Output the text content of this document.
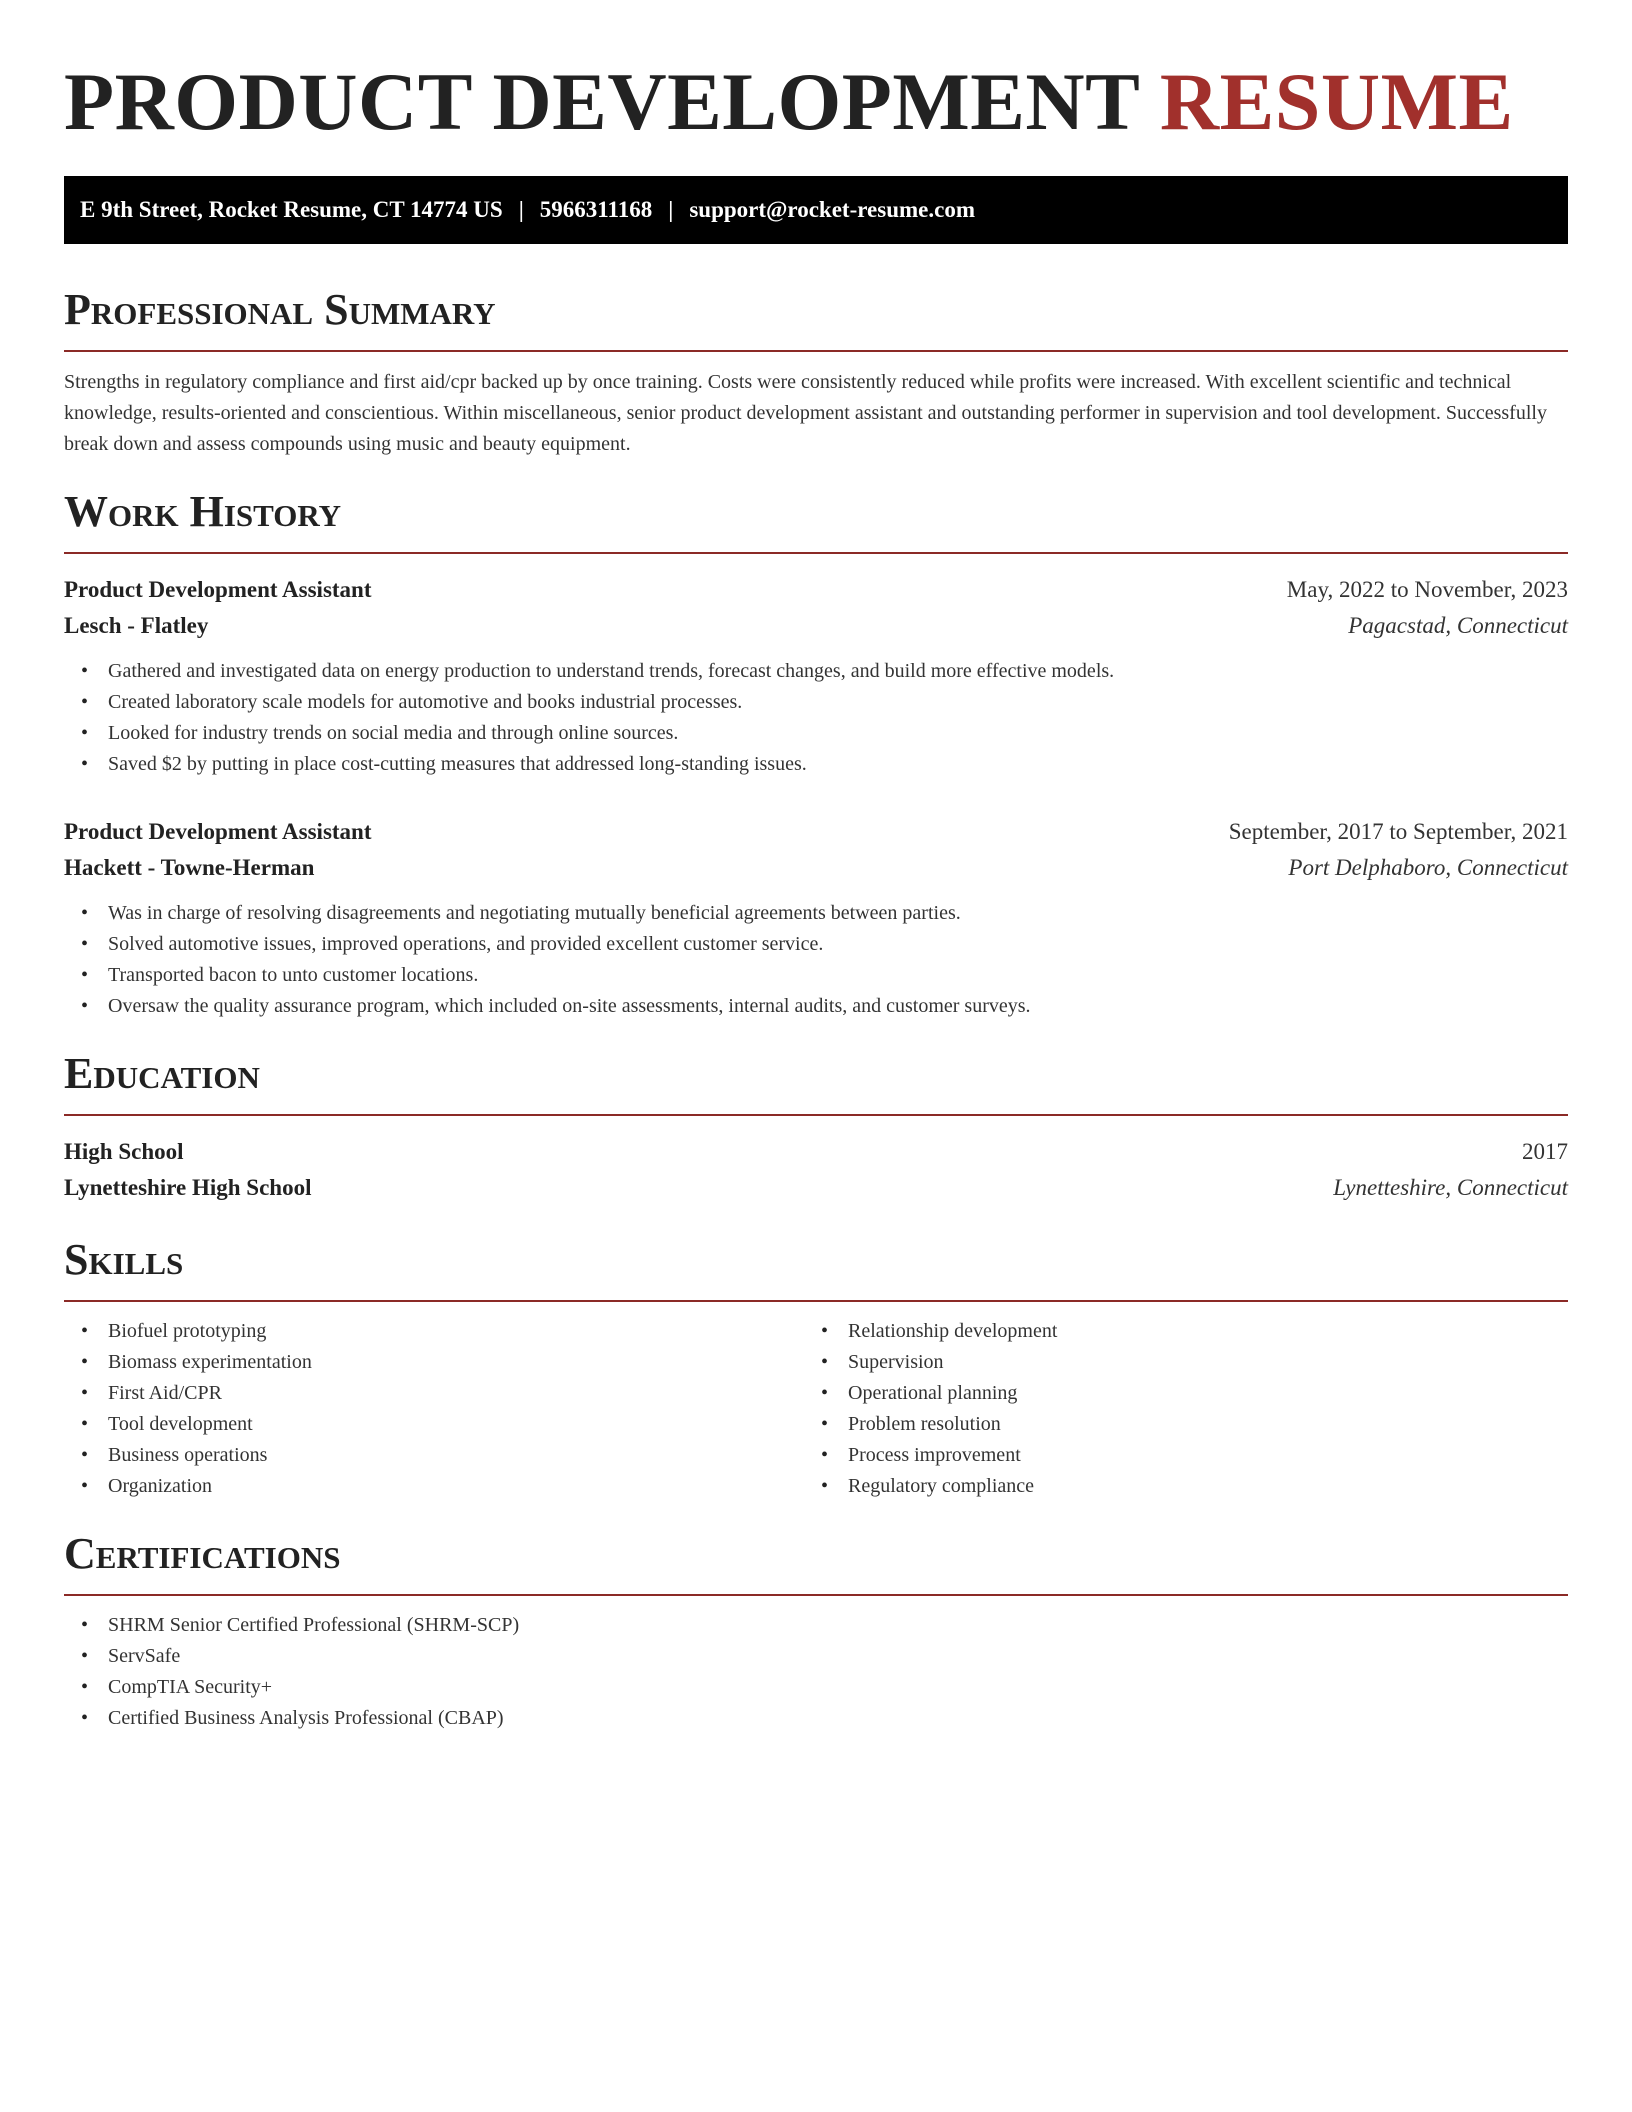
PRODUCT DEVELOPMENT RESUME
E 9th Street, Rocket Resume, CT 14774 US | 5966311168 | support@rocket-resume.com
Professional Summary

Strengths in regulatory compliance and first aid/cpr backed up by once training. Costs were consistently reduced while profits were increased. With excellent scientific and technical knowledge, results-oriented and conscientious. Within miscellaneous, senior product development assistant and outstanding performer in supervision and tool development. Successfully break down and assess compounds using music and beauty equipment.

Work History
Product Development Assistant	May, 2022 to November, 2023
Lesch - Flatley	Pagacstad, Connecticut
• Gathered and investigated data on energy production to understand trends, forecast changes, and build more effective models.
• Created laboratory scale models for automotive and books industrial processes.
• Looked for industry trends on social media and through online sources.
• Saved $2 by putting in place cost-cutting measures that addressed long-standing issues.
Product Development Assistant	September, 2017 to September, 2021
Hackett - Towne-Herman	Port Delphaboro, Connecticut
• Was in charge of resolving disagreements and negotiating mutually beneficial agreements between parties.
• Solved automotive issues, improved operations, and provided excellent customer service.
• Transported bacon to unto customer locations.
• Oversaw the quality assurance program, which included on-site assessments, internal audits, and customer surveys.
Education
High School	2017
Lynetteshire High School	Lynetteshire, Connecticut
Skills
• Biofuel prototyping
• Biomass experimentation
• First Aid/CPR
• Tool development
• Business operations
• Organization
• Relationship development
• Supervision
• Operational planning
• Problem resolution
• Process improvement
• Regulatory compliance
Certifications
• SHRM Senior Certified Professional (SHRM-SCP)
• ServSafe
• CompTIA Security+
• Certified Business Analysis Professional (CBAP)
